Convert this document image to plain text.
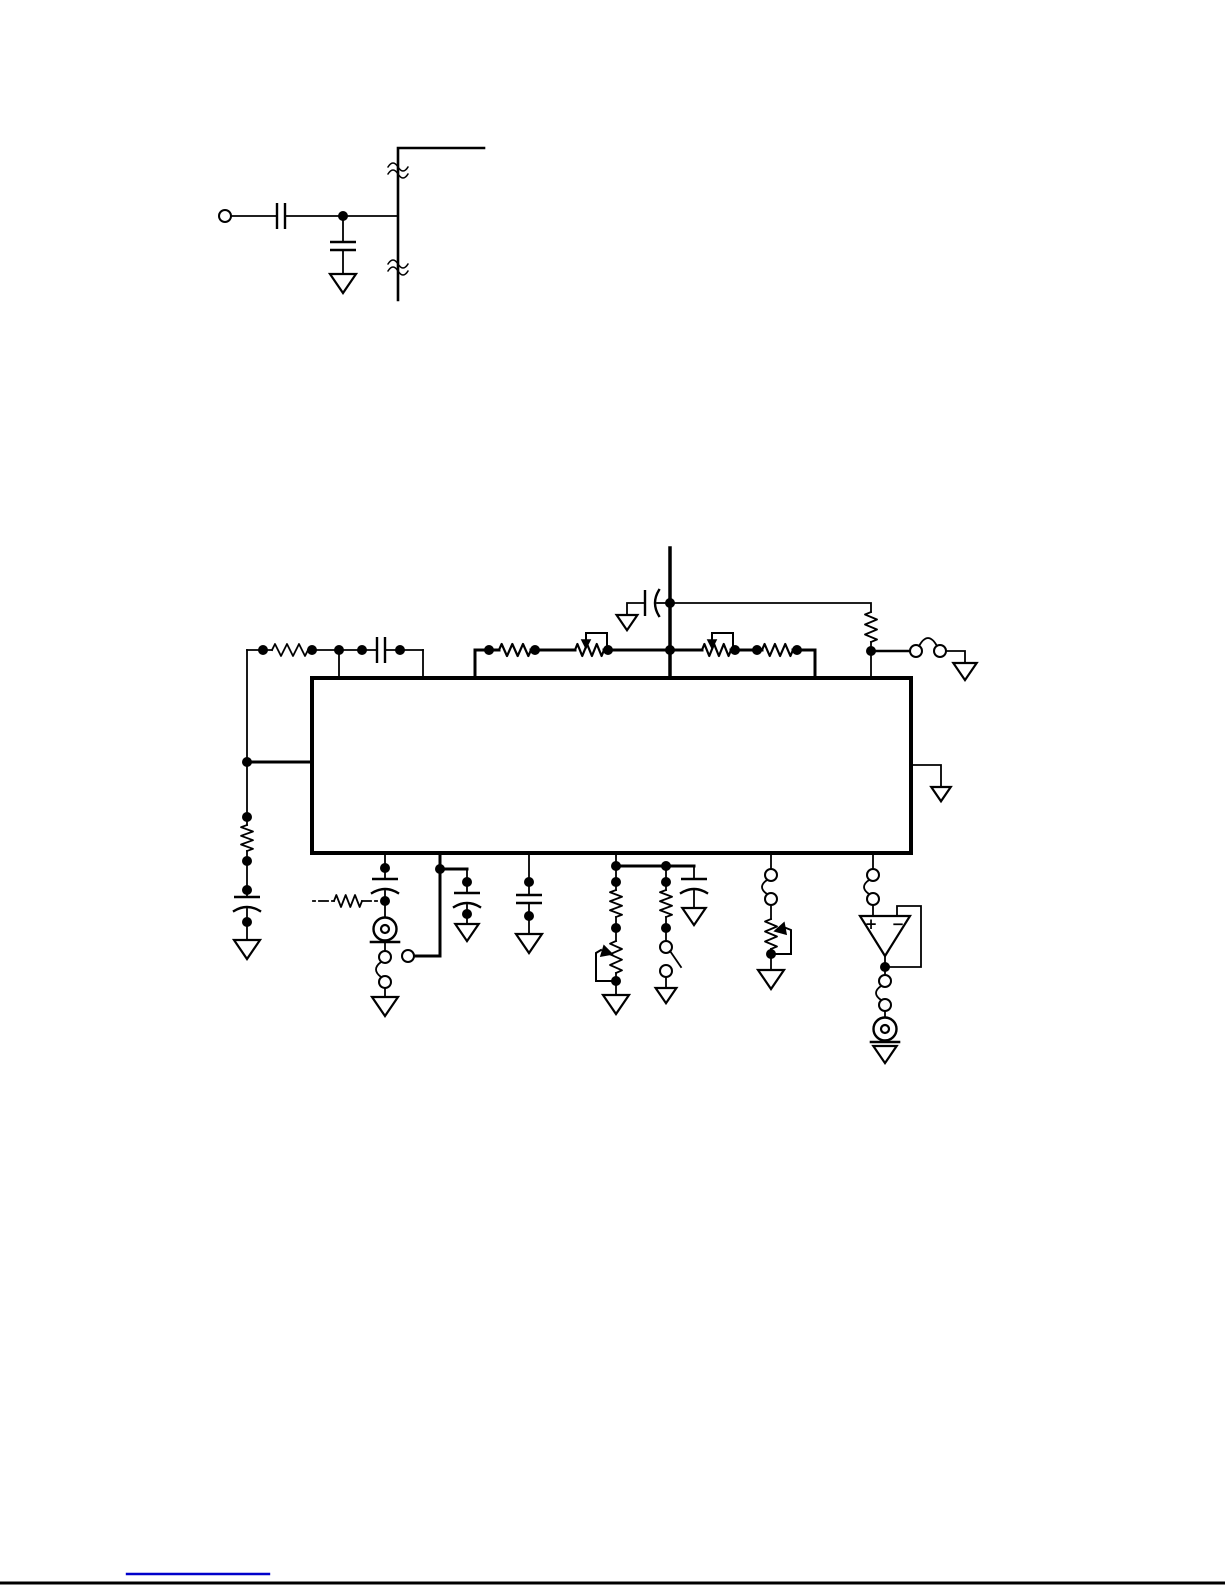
+ −
